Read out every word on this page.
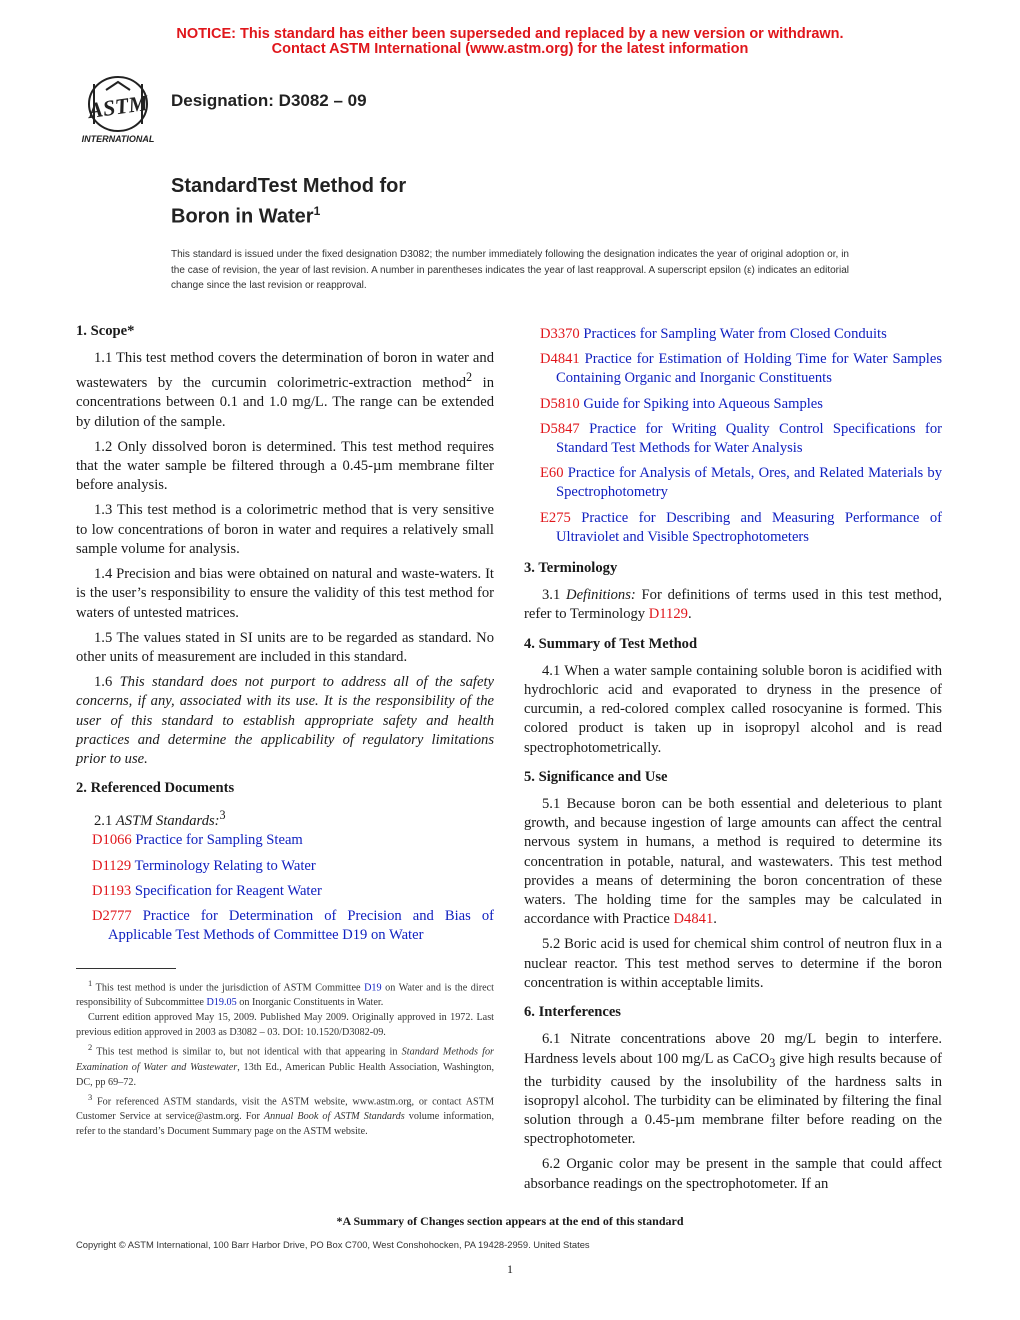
NOTICE: This standard has either been superseded and replaced by a new version or withdrawn.
Contact ASTM International (www.astm.org) for the latest information
ASTM
INTERNATIONAL
Designation: D3082 – 09
StandardTest Method for
Boron in Water$^1$
This standard is issued under the fixed designation D3082; the number immediately following the designation indicates the year of original adoption or, in the case of revision, the year of last revision. A number in parentheses indicates the year of last reapproval. A superscript epsilon (ε) indicates an editorial change since the last revision or reapproval.
1. Scope*

1.1 This test method covers the determination of boron in water and wastewaters by the curcumin colorimetric-extraction method$^2$ in concentrations between 0.1 and 1.0 mg/L. The range can be extended by dilution of the sample.

1.2 Only dissolved boron is determined. This test method requires that the water sample be filtered through a 0.45-µm membrane filter before analysis.

1.3 This test method is a colorimetric method that is very sensitive to low concentrations of boron in water and requires a relatively small sample volume for analysis.

1.4 Precision and bias were obtained on natural and waste-waters. It is the user’s responsibility to ensure the validity of this test method for waters of untested matrices.

1.5 The values stated in SI units are to be regarded as standard. No other units of measurement are included in this standard.

1.6 This standard does not purport to address all of the safety concerns, if any, associated with its use. It is the responsibility of the user of this standard to establish appropriate safety and health practices and determine the applicability of regulatory limitations prior to use.

2. Referenced Documents

2.1 ASTM Standards:$^3$

D1066 Practice for Sampling Steam

D1129 Terminology Relating to Water

D1193 Specification for Reagent Water

D2777 Practice for Determination of Precision and Bias of Applicable Test Methods of Committee D19 on Water

$^1$ This test method is under the jurisdiction of ASTM Committee D19 on Water and is the direct responsibility of Subcommittee D19.05 on Inorganic Constituents in Water.

Current edition approved May 15, 2009. Published May 2009. Originally approved in 1972. Last previous edition approved in 2003 as D3082 – 03. DOI: 10.1520/D3082-09.

$^2$ This test method is similar to, but not identical with that appearing in Standard Methods for Examination of Water and Wastewater, 13th Ed., American Public Health Association, Washington, DC, pp 69–72.

$^3$ For referenced ASTM standards, visit the ASTM website, www.astm.org, or contact ASTM Customer Service at service@astm.org. For Annual Book of ASTM Standards volume information, refer to the standard’s Document Summary page on the ASTM website.

D3370 Practices for Sampling Water from Closed Conduits

D4841 Practice for Estimation of Holding Time for Water Samples Containing Organic and Inorganic Constituents

D5810 Guide for Spiking into Aqueous Samples

D5847 Practice for Writing Quality Control Specifications for Standard Test Methods for Water Analysis

E60 Practice for Analysis of Metals, Ores, and Related Materials by Spectrophotometry

E275 Practice for Describing and Measuring Performance of Ultraviolet and Visible Spectrophotometers

3. Terminology

3.1 Definitions: For definitions of terms used in this test method, refer to Terminology D1129.

4. Summary of Test Method

4.1 When a water sample containing soluble boron is acidified with hydrochloric acid and evaporated to dryness in the presence of curcumin, a red-colored complex called rosocyanine is formed. This colored product is taken up in isopropyl alcohol and is read spectrophotometrically.

5. Significance and Use

5.1 Because boron can be both essential and deleterious to plant growth, and because ingestion of large amounts can affect the central nervous system in humans, a method is required to determine its concentration in potable, natural, and wastewaters. This test method provides a means of determining the boron concentration of these waters. The holding time for the samples may be calculated in accordance with Practice D4841.

5.2 Boric acid is used for chemical shim control of neutron flux in a nuclear reactor. This test method serves to determine if the boron concentration is within acceptable limits.

6. Interferences

6.1 Nitrate concentrations above 20 mg/L begin to interfere. Hardness levels about 100 mg/L as CaCO$_3$ give high results because of the turbidity caused by the insolubility of the hardness salts in isopropyl alcohol. The turbidity can be eliminated by filtering the final solution through a 0.45-µm membrane filter before reading on the spectrophotometer.

6.2 Organic color may be present in the sample that could affect absorbance readings on the spectrophotometer. If an

*A Summary of Changes section appears at the end of this standard
Copyright © ASTM International, 100 Barr Harbor Drive, PO Box C700, West Conshohocken, PA 19428-2959. United States
1
